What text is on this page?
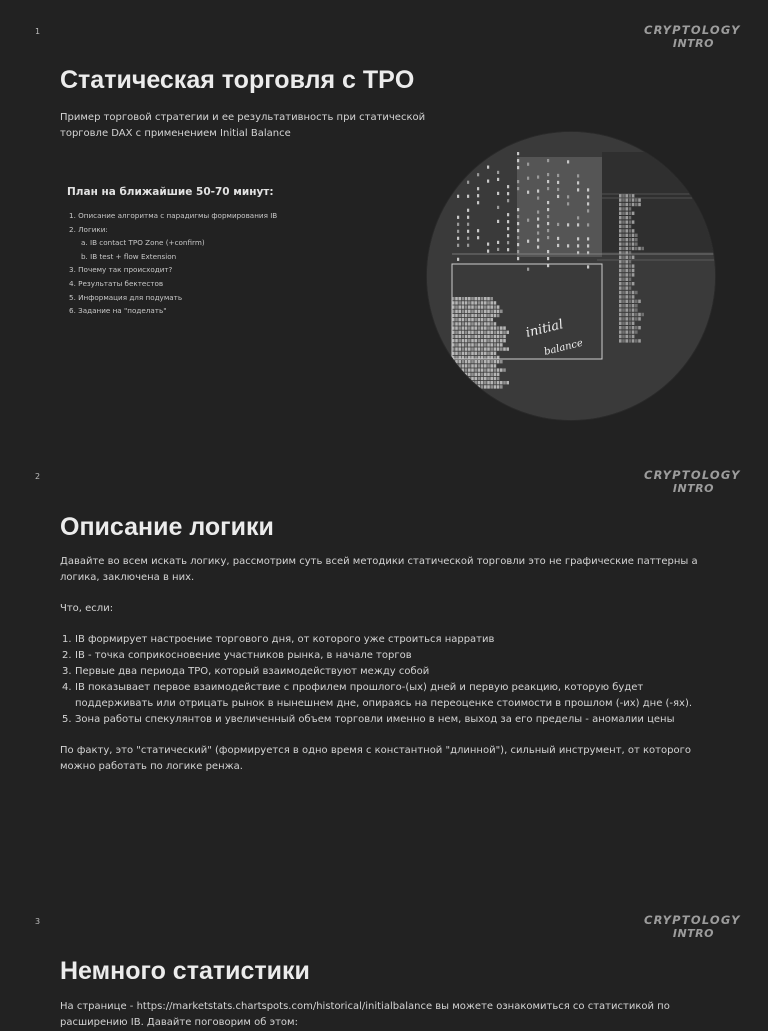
1	CRYPTOLOGY
INTRO
Статическая торговля с TPO
Пример торговой стратегии и ее результативность при статической торговле DAX с применением Initial Balance
План на ближайшие 50-70 минут:
1. Описание алгоритма с парадигмы формирования IB
2. Логики:
a. IB contact TPO Zone (+confirm)
b. IB test + flow Extension
3. Почему так происходит?
4. Результаты бектестов
5. Информация для подумать
6. Задание на "поделать"
initial
balance
2	CRYPTOLOGY
INTRO
Описание логики
Давайте во всем искать логику, рассмотрим суть всей методики статической торговли это не графические паттерны а логика, заключена в них.
Что, если:
1. IB формирует настроение торгового дня, от которого уже строиться нарратив
2. IB - точка соприкосновение участников рынка, в начале торгов
3. Первые два периода TPO, который взаимодействуют между собой
4. IB показывает первое взаимодействие с профилем прошлого-(ых) дней и первую реакцию, которую будет поддерживать или отрицать рынок в нынешнем дне, опираясь на переоценке стоимости в прошлом (-их) дне (-ях).
5. Зона работы спекулянтов и увеличенный объем торговли именно в нем, выход за его пределы - аномалии цены
По факту, это "статический" (формируется в одно время с константной "длинной"), сильный инструмент, от которого можно работать по логике ренжа.
3	CRYPTOLOGY
INTRO
Немного статистики
На странице - https://marketstats.chartspots.com/historical/initialbalance вы можете ознакомиться со статистикой по расширению IB. Давайте поговорим об этом:
